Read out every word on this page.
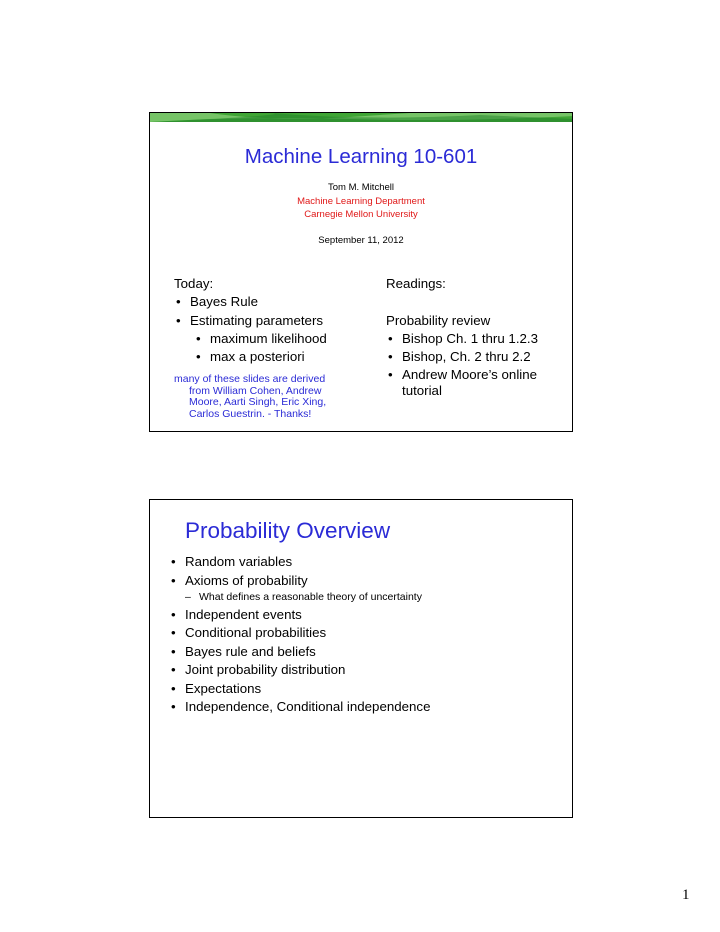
Machine Learning 10-601
Tom M. Mitchell
Machine Learning Department
Carnegie Mellon University
September 11, 2012
Today:
• Bayes Rule
• Estimating parameters
• maximum likelihood
• max a posteriori
Readings:

Probability review
• Bishop Ch. 1 thru 1.2.3
• Bishop, Ch. 2 thru 2.2
• Andrew Moore’s online
tutorial
many of these slides are derived
from William Cohen, Andrew
Moore, Aarti Singh, Eric Xing,
Carlos Guestrin. - Thanks!
Probability Overview
• Random variables
• Axioms of probability
– What defines a reasonable theory of uncertainty
• Independent events
• Conditional probabilities
• Bayes rule and beliefs
• Joint probability distribution
• Expectations
• Independence, Conditional independence
1
